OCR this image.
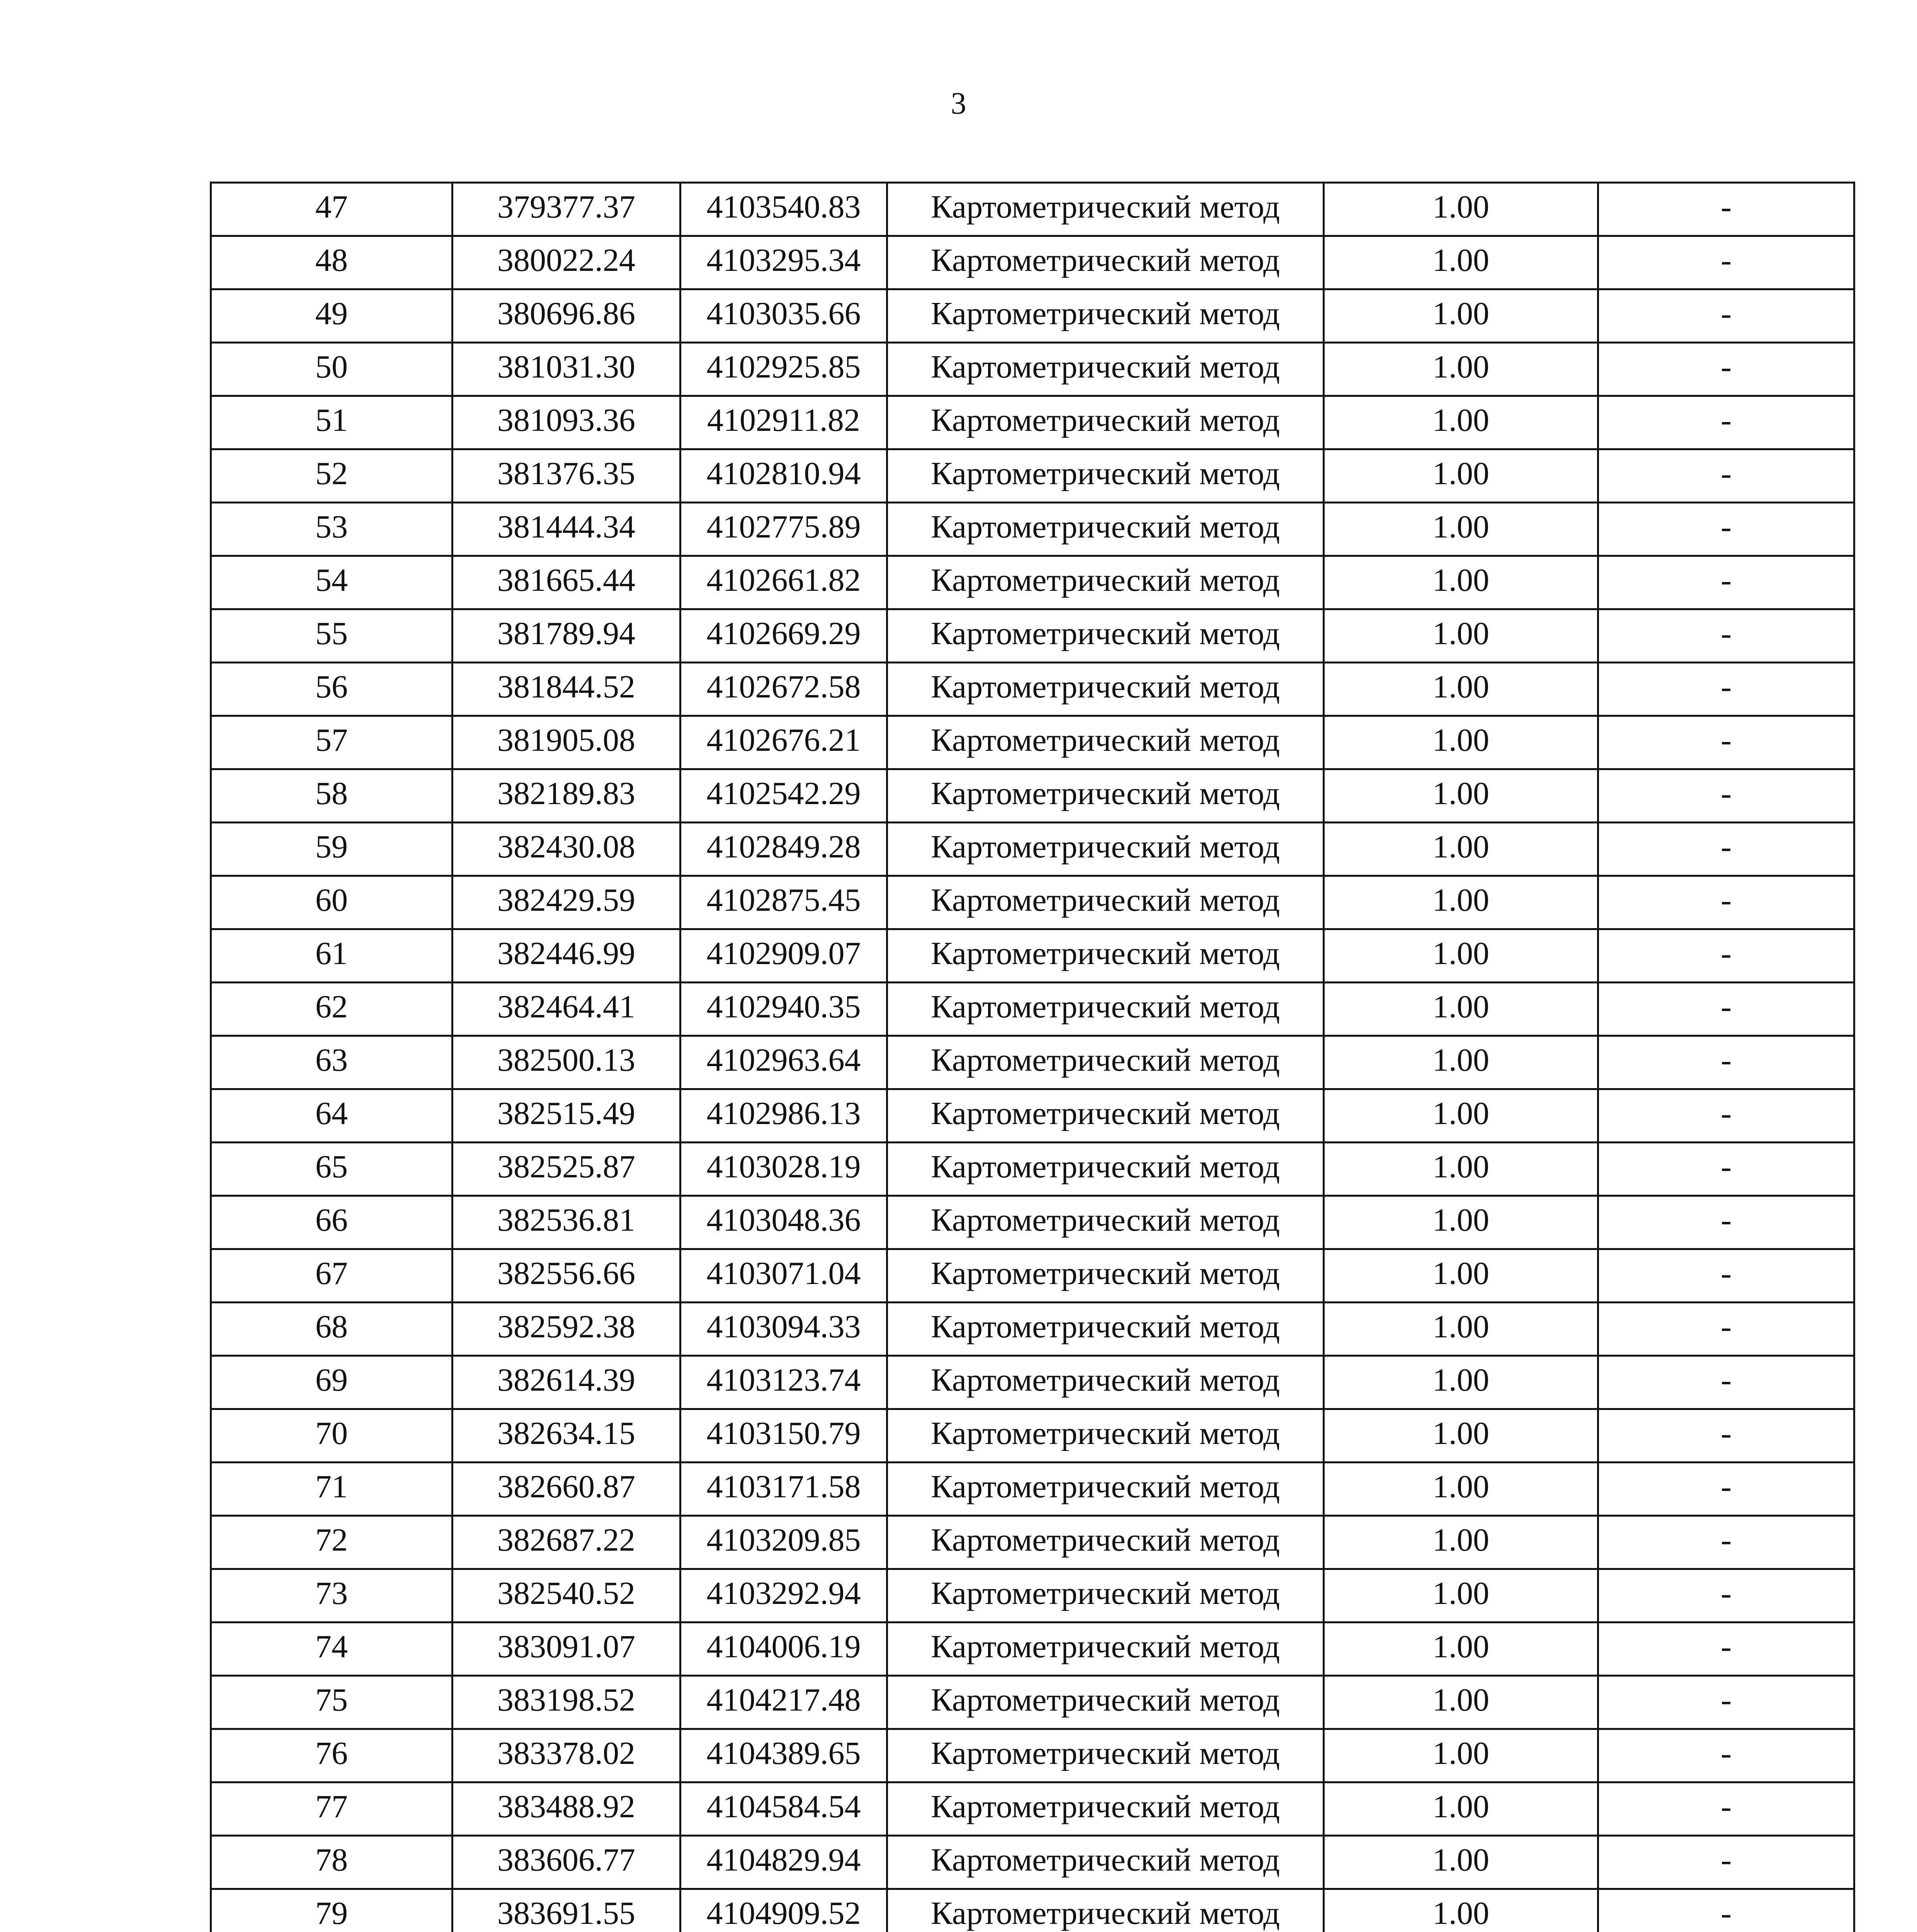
3
47	379377.37	4103540.83	Картометрический метод	1.00	-
48	380022.24	4103295.34	Картометрический метод	1.00	-
49	380696.86	4103035.66	Картометрический метод	1.00	-
50	381031.30	4102925.85	Картометрический метод	1.00	-
51	381093.36	4102911.82	Картометрический метод	1.00	-
52	381376.35	4102810.94	Картометрический метод	1.00	-
53	381444.34	4102775.89	Картометрический метод	1.00	-
54	381665.44	4102661.82	Картометрический метод	1.00	-
55	381789.94	4102669.29	Картометрический метод	1.00	-
56	381844.52	4102672.58	Картометрический метод	1.00	-
57	381905.08	4102676.21	Картометрический метод	1.00	-
58	382189.83	4102542.29	Картометрический метод	1.00	-
59	382430.08	4102849.28	Картометрический метод	1.00	-
60	382429.59	4102875.45	Картометрический метод	1.00	-
61	382446.99	4102909.07	Картометрический метод	1.00	-
62	382464.41	4102940.35	Картометрический метод	1.00	-
63	382500.13	4102963.64	Картометрический метод	1.00	-
64	382515.49	4102986.13	Картометрический метод	1.00	-
65	382525.87	4103028.19	Картометрический метод	1.00	-
66	382536.81	4103048.36	Картометрический метод	1.00	-
67	382556.66	4103071.04	Картометрический метод	1.00	-
68	382592.38	4103094.33	Картометрический метод	1.00	-
69	382614.39	4103123.74	Картометрический метод	1.00	-
70	382634.15	4103150.79	Картометрический метод	1.00	-
71	382660.87	4103171.58	Картометрический метод	1.00	-
72	382687.22	4103209.85	Картометрический метод	1.00	-
73	382540.52	4103292.94	Картометрический метод	1.00	-
74	383091.07	4104006.19	Картометрический метод	1.00	-
75	383198.52	4104217.48	Картометрический метод	1.00	-
76	383378.02	4104389.65	Картометрический метод	1.00	-
77	383488.92	4104584.54	Картометрический метод	1.00	-
78	383606.77	4104829.94	Картометрический метод	1.00	-
79	383691.55	4104909.52	Картометрический метод	1.00	-
